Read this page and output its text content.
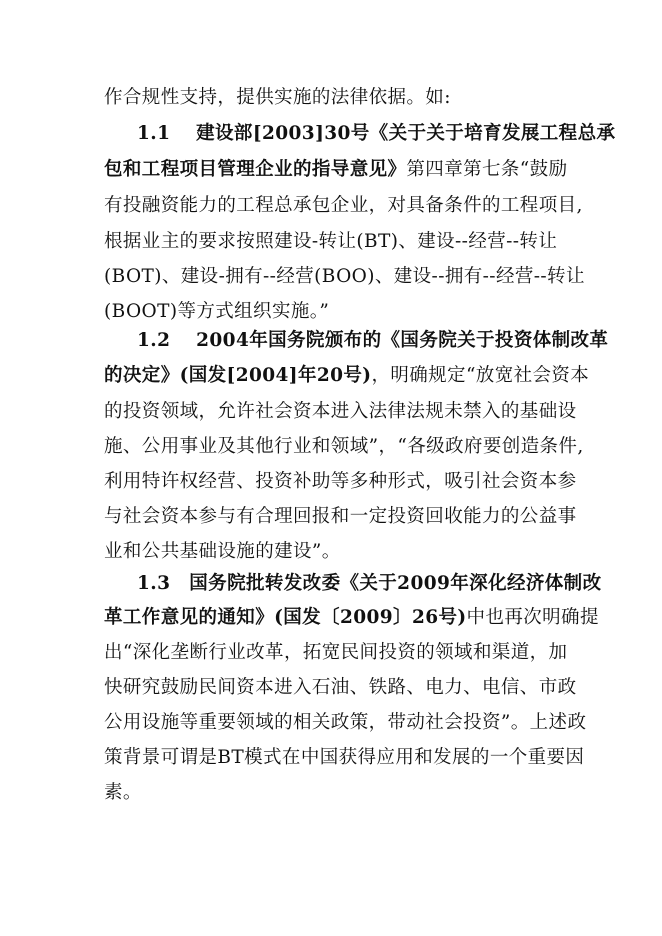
作合规性支持，提供实施的法律依据。如:
1.1　 建设部[2003]30号《关于关于培育发展工程总承
包和工程项目管理企业的指导意见》第四章第七条“鼓励
有投融资能力的工程总承包企业，对具备条件的工程项目,
根据业主的要求按照建设-转让(BT)、建设--经营--转让
(BOT)、建设-拥有--经营(BOO)、建设--拥有--经营--转让
(BOOT)等方式组织实施。”
1.2　 2004年国务院颁布的《国务院关于投资体制改革
的决定》(国发[2004]年20号)，明确规定“放宽社会资本
的投资领域，允许社会资本进入法律法规未禁入的基础设
施、公用事业及其他行业和领域”，“各级政府要创造条件,
利用特许权经营、投资补助等多种形式，吸引社会资本参
与社会资本参与有合理回报和一定投资回收能力的公益事
业和公共基础设施的建设”。
1.3　国务院批转发改委《关于2009年深化经济体制改
革工作意见的通知》(国发〔2009〕26号)中也再次明确提
出“深化垄断行业改革，拓宽民间投资的领域和渠道，加
快研究鼓励民间资本进入石油、铁路、电力、电信、市政
公用设施等重要领域的相关政策，带动社会投资”。上述政
策背景可谓是BT模式在中国获得应用和发展的一个重要因
素。
